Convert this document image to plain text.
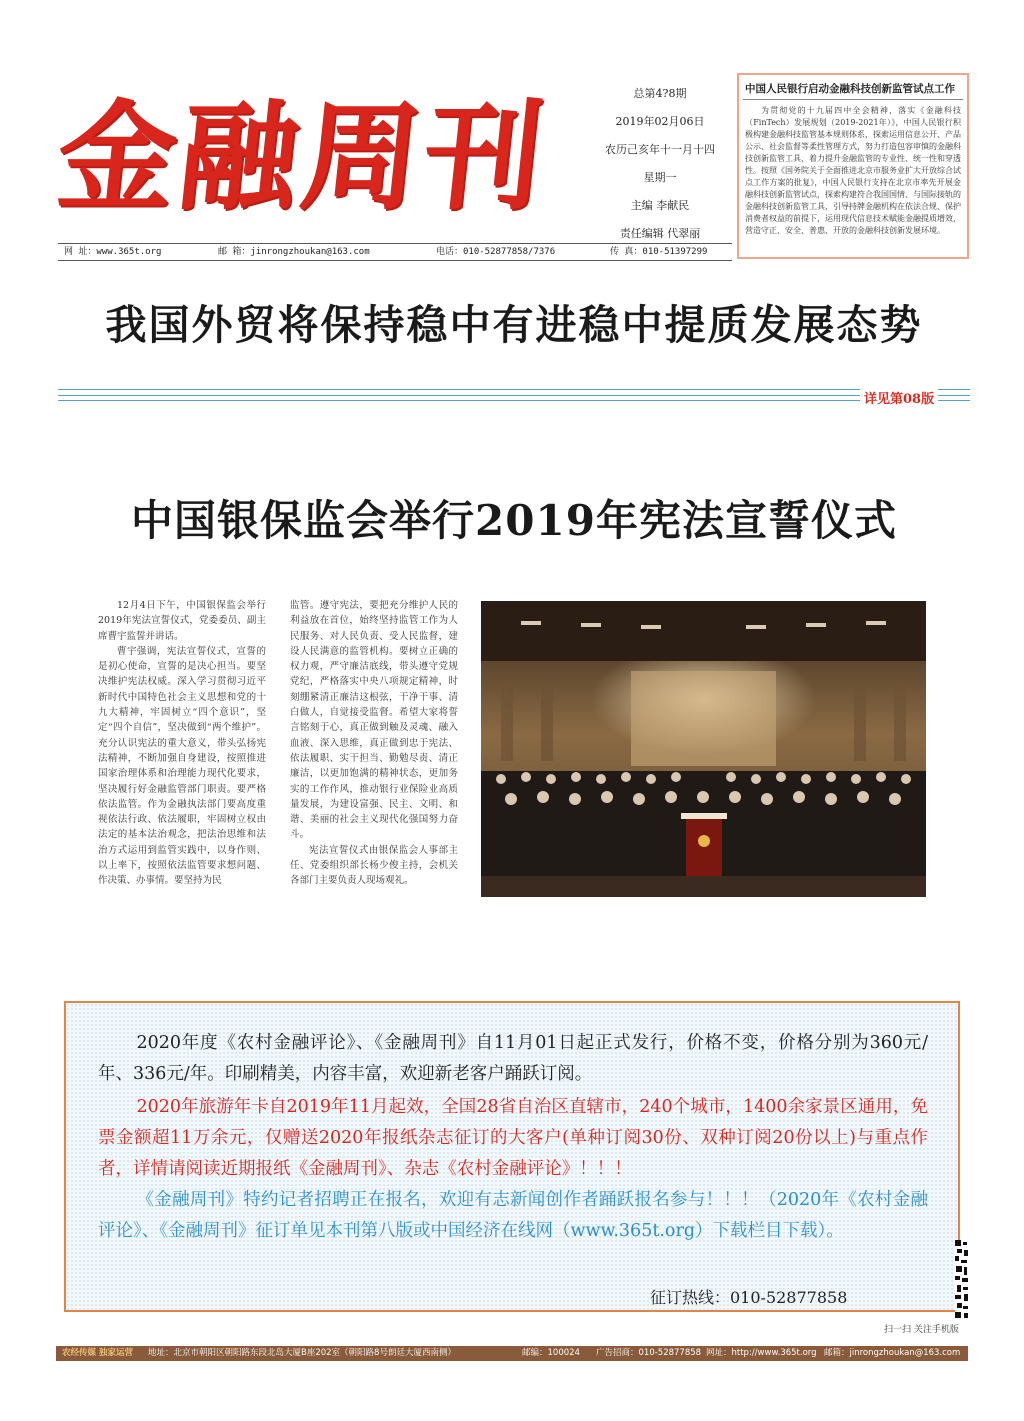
金融周刊	总第4?8期
2019年02月06日
农历己亥年十一月十四
星期一
主编 李献民
责任编辑 代翠丽
网 址：www.365t.org	邮 箱：jinrongzhoukan@163.com	电话：010-52877858/7376	传 真：010-51397299
中国人民银行启动金融科技创新监管试点工作
为贯彻党的十九届四中全会精神，落实《金融科技（FinTech）发展规划（2019-2021年）》，中国人民银行积极构建金融科技监管基本规则体系，探索运用信息公开、产品公示、社会监督等柔性管理方式，努力打造包容审慎的金融科技创新监管工具，着力提升金融监管的专业性、统一性和穿透性。按照《国务院关于全面推进北京市服务业扩大开放综合试点工作方案的批复》，中国人民银行支持在北京市率先开展金融科技创新监管试点，探索构建符合我国国情、与国际接轨的金融科技创新监管工具，引导持牌金融机构在依法合规、保护消费者权益的前提下，运用现代信息技术赋能金融提质增效，营造守正、安全、普惠、开放的金融科技创新发展环境。
我国外贸将保持稳中有进稳中提质发展态势
详见第08版
中国银保监会举行2019年宪法宣誓仪式

12月4日下午，中国银保监会举行2019年宪法宣誓仪式，党委委员、副主席曹宇监誓并讲话。

曹宇强调，宪法宣誓仪式，宣誓的是初心使命，宣誓的是决心担当。要坚决维护宪法权威。深入学习贯彻习近平新时代中国特色社会主义思想和党的十九大精神，牢固树立“四个意识”，坚定“四个自信”，坚决做到“两个维护”。充分认识宪法的重大意义，带头弘扬宪法精神，不断加强自身建设，按照推进国家治理体系和治理能力现代化要求，坚决履行好金融监管部门职责。要严格依法监管。作为金融执法部门要高度重视依法行政、依法履职，牢固树立权由法定的基本法治观念，把法治思维和法治方式运用到监管实践中，以身作则、以上率下，按照依法监管要求想问题、作决策、办事情。要坚持为民

监管。遵守宪法，要把充分维护人民的利益放在首位，始终坚持监管工作为人民服务、对人民负责、受人民监督，建设人民满意的监管机构。要树立正确的权力观，严守廉洁底线，带头遵守党规党纪，严格落实中央八项规定精神，时刻绷紧清正廉洁这根弦，干净干事、清白做人，自觉接受监督。希望大家将誓言铭刻于心，真正做到触及灵魂、融入血液、深入思维，真正做到忠于宪法、依法履职、实干担当、勤勉尽责、清正廉洁，以更加饱满的精神状态，更加务实的工作作风，推动银行业保险业高质量发展，为建设富强、民主、文明、和谐、美丽的社会主义现代化强国努力奋斗。

宪法宣誓仪式由银保监会人事部主任、党委组织部长杨少俊主持，会机关各部门主要负责人现场观礼。

2020年度《农村金融评论》、《金融周刊》自11月01日起正式发行，价格不变，价格分别为360元/年、336元/年。印刷精美，内容丰富，欢迎新老客户踊跃订阅。

2020年旅游年卡自2019年11月起效，全国28省自治区直辖市，240个城市，1400余家景区通用，免票金额超11万余元，仅赠送2020年报纸杂志征订的大客户(单种订阅30份、双种订阅20份以上)与重点作者，详情请阅读近期报纸《金融周刊》、杂志《农村金融评论》！！！

《金融周刊》特约记者招聘正在报名，欢迎有志新闻创作者踊跃报名参与！！！（2020年《农村金融评论》、《金融周刊》征订单见本刊第八版或中国经济在线网（www.365t.org）下载栏目下载）。

征订热线：010-52877858
扫一扫 关注手机版
农经传媒 独家运营 地址：北京市朝阳区朝阳路东段北岛大厦B座202室（朝阳路8号朗廷大厦西南侧）	邮编：100024 广告招商：010-52877858 网址：http://www.365t.org 邮箱：jinrongzhoukan@163.com
